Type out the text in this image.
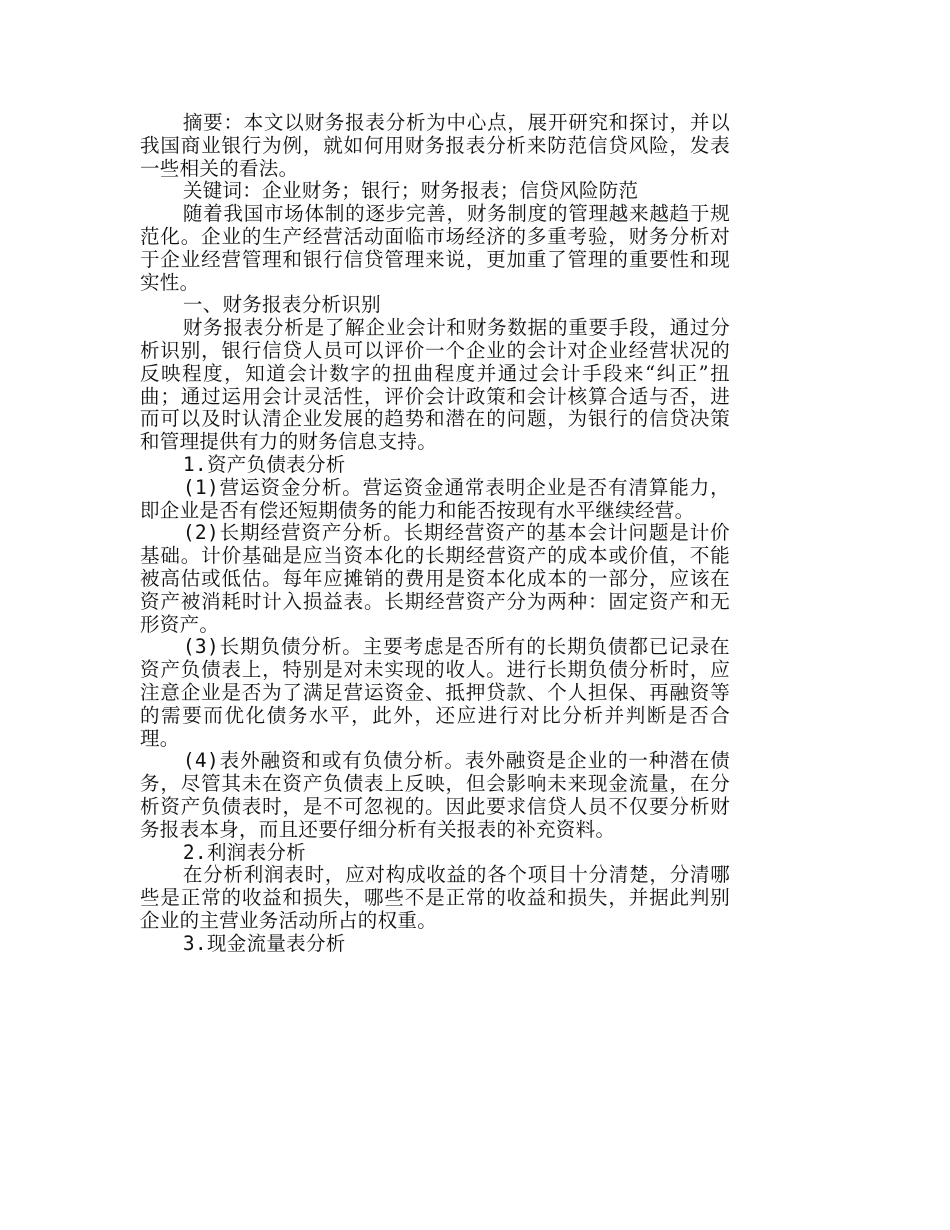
摘要：本文以财务报表分析为中心点，展开研究和探讨，并以我国商业银行为例，就如何用财务报表分析来防范信贷风险，发表一些相关的看法。

关键词：企业财务；银行；财务报表；信贷风险防范

随着我国市场体制的逐步完善，财务制度的管理越来越趋于规范化。企业的生产经营活动面临市场经济的多重考验，财务分析对于企业经营管理和银行信贷管理来说，更加重了管理的重要性和现实性。

一、财务报表分析识别

财务报表分析是了解企业会计和财务数据的重要手段，通过分析识别，银行信贷人员可以评价一个企业的会计对企业经营状况的反映程度，知道会计数字的扭曲程度并通过会计手段来“纠正”扭曲；通过运用会计灵活性，评价会计政策和会计核算合适与否，进而可以及时认清企业发展的趋势和潜在的问题，为银行的信贷决策和管理提供有力的财务信息支持。

1.资产负债表分析

(1)营运资金分析。营运资金通常表明企业是否有清算能力，即企业是否有偿还短期债务的能力和能否按现有水平继续经营。

(2)长期经营资产分析。长期经营资产的基本会计问题是计价基础。计价基础是应当资本化的长期经营资产的成本或价值，不能被高估或低估。每年应摊销的费用是资本化成本的一部分，应该在资产被消耗时计入损益表。长期经营资产分为两种：固定资产和无形资产。

(3)长期负债分析。主要考虑是否所有的长期负债都已记录在资产负债表上，特别是对未实现的收人。进行长期负债分析时，应注意企业是否为了满足营运资金、抵押贷款、个人担保、再融资等的需要而优化债务水平，此外，还应进行对比分析并判断是否合理。

(4)表外融资和或有负债分析。表外融资是企业的一种潜在债务，尽管其未在资产负债表上反映，但会影响未来现金流量，在分析资产负债表时，是不可忽视的。因此要求信贷人员不仅要分析财务报表本身，而且还要仔细分析有关报表的补充资料。

2.利润表分析

在分析利润表时，应对构成收益的各个项目十分清楚，分清哪些是正常的收益和损失，哪些不是正常的收益和损失，并据此判别企业的主营业务活动所占的权重。

3.现金流量表分析
